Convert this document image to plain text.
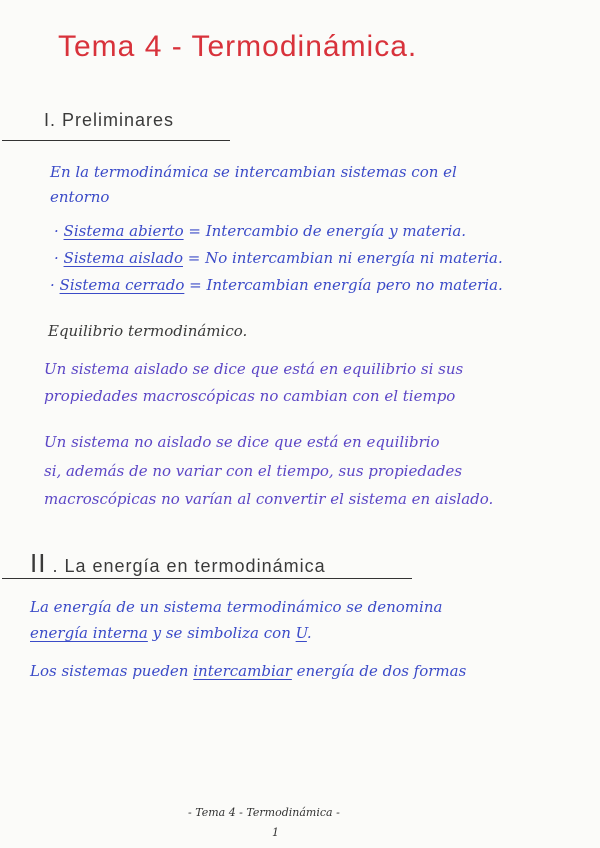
Tema 4 - Termodinámica.
I. Preliminares
En la termodinámica se intercambian sistemas con el
entorno
· Sistema abierto = Intercambio de energía y materia.
· Sistema aislado = No intercambian ni energía ni materia.
· Sistema cerrado = Intercambian energía pero no materia.
Equilibrio termodinámico.
Un sistema aislado se dice que está en equilibrio si sus
propiedades macroscópicas no cambian con el tiempo
Un sistema no aislado se dice que está en equilibrio
si, además de no variar con el tiempo, sus propiedades
macroscópicas no varían al convertir el sistema en aislado.
II . La energía en termodinámica
La energía de un sistema termodinámico se denomina
energía interna y se simboliza con U.
Los sistemas pueden intercambiar energía de dos formas
- Tema 4 - Termodinámica -
1
